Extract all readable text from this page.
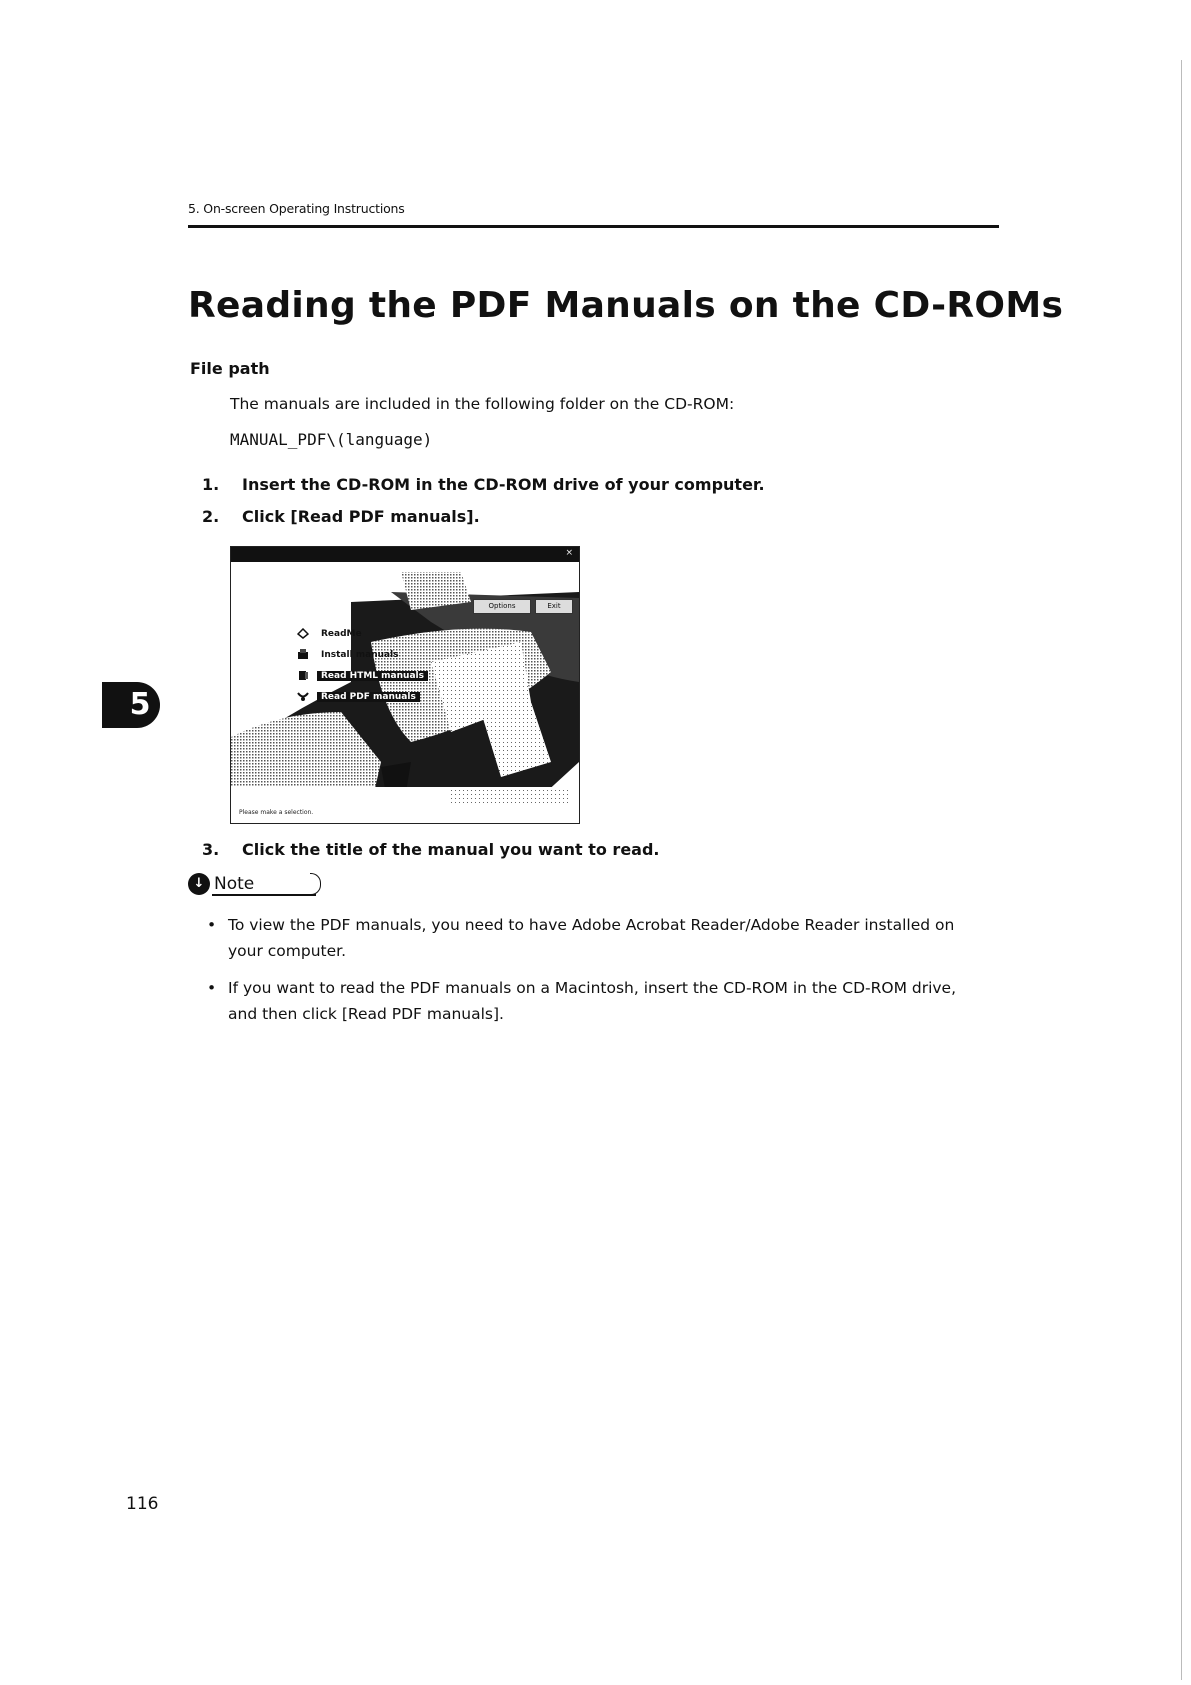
5. On-screen Operating Instructions
Reading the PDF Manuals on the CD-ROMs
File path
The manuals are included in the following folder on the CD-ROM:
MANUAL_PDF\(language)
1. Insert the CD-ROM in the CD-ROM drive of your computer.
2. Click [Read PDF manuals].
×
Options	Exit
ReadMe
Install manuals
Read HTML manuals
Read PDF manuals
Please make a selection.
3. Click the title of the manual you want to read.
↓ Note
• To view the PDF manuals, you need to have Adobe Acrobat Reader/Adobe Reader installed on your computer.
• If you want to read the PDF manuals on a Macintosh, insert the CD-ROM in the CD-ROM drive, and then click [Read PDF manuals].
5
116
